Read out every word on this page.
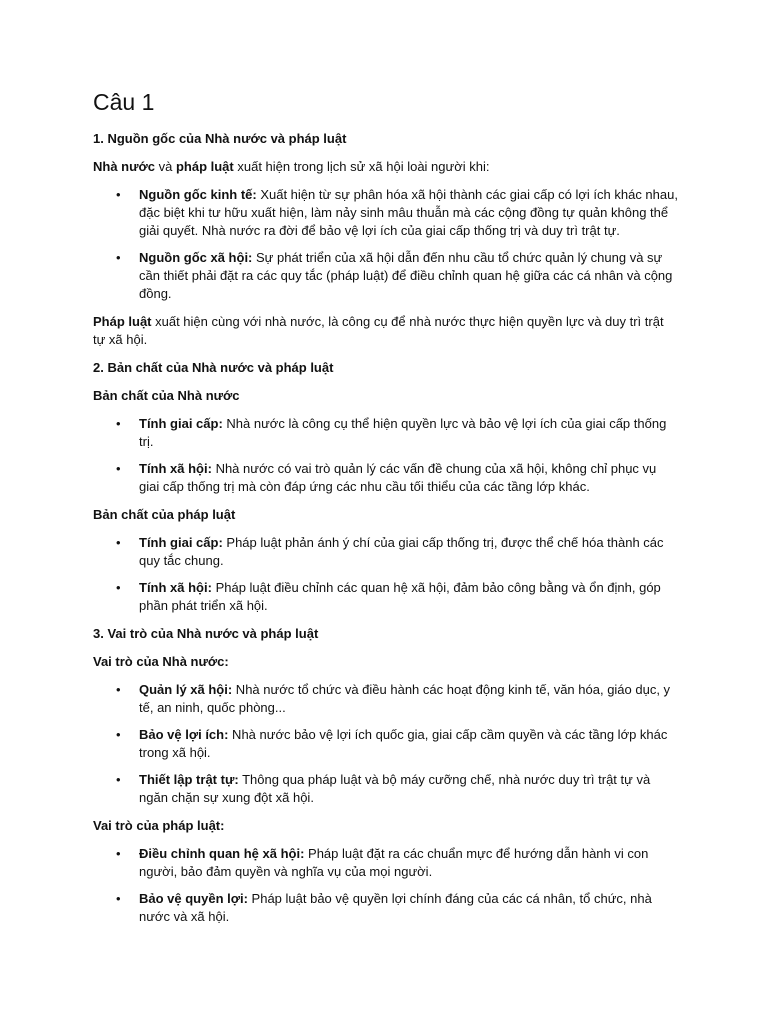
Câu 1

1. Nguồn gốc của Nhà nước và pháp luật

Nhà nước và pháp luật xuất hiện trong lịch sử xã hội loài người khi:

• Nguồn gốc kinh tế: Xuất hiện từ sự phân hóa xã hội thành các giai cấp có lợi ích khác nhau, đặc biệt khi tư hữu xuất hiện, làm nảy sinh mâu thuẫn mà các cộng đồng tự quản không thể giải quyết. Nhà nước ra đời để bảo vệ lợi ích của giai cấp thống trị và duy trì trật tự.
• Nguồn gốc xã hội: Sự phát triển của xã hội dẫn đến nhu cầu tổ chức quản lý chung và sự cần thiết phải đặt ra các quy tắc (pháp luật) để điều chỉnh quan hệ giữa các cá nhân và cộng đồng.

Pháp luật xuất hiện cùng với nhà nước, là công cụ để nhà nước thực hiện quyền lực và duy trì trật tự xã hội.

2. Bản chất của Nhà nước và pháp luật

Bản chất của Nhà nước

• Tính giai cấp: Nhà nước là công cụ thể hiện quyền lực và bảo vệ lợi ích của giai cấp thống trị.
• Tính xã hội: Nhà nước có vai trò quản lý các vấn đề chung của xã hội, không chỉ phục vụ giai cấp thống trị mà còn đáp ứng các nhu cầu tối thiểu của các tầng lớp khác.

Bản chất của pháp luật

• Tính giai cấp: Pháp luật phản ánh ý chí của giai cấp thống trị, được thể chế hóa thành các quy tắc chung.
• Tính xã hội: Pháp luật điều chỉnh các quan hệ xã hội, đảm bảo công bằng và ổn định, góp phần phát triển xã hội.

3. Vai trò của Nhà nước và pháp luật

Vai trò của Nhà nước:

• Quản lý xã hội: Nhà nước tổ chức và điều hành các hoạt động kinh tế, văn hóa, giáo dục, y tế, an ninh, quốc phòng...
• Bảo vệ lợi ích: Nhà nước bảo vệ lợi ích quốc gia, giai cấp cầm quyền và các tầng lớp khác trong xã hội.
• Thiết lập trật tự: Thông qua pháp luật và bộ máy cưỡng chế, nhà nước duy trì trật tự và ngăn chặn sự xung đột xã hội.

Vai trò của pháp luật:

• Điều chỉnh quan hệ xã hội: Pháp luật đặt ra các chuẩn mực để hướng dẫn hành vi con người, bảo đảm quyền và nghĩa vụ của mọi người.
• Bảo vệ quyền lợi: Pháp luật bảo vệ quyền lợi chính đáng của các cá nhân, tổ chức, nhà nước và xã hội.
